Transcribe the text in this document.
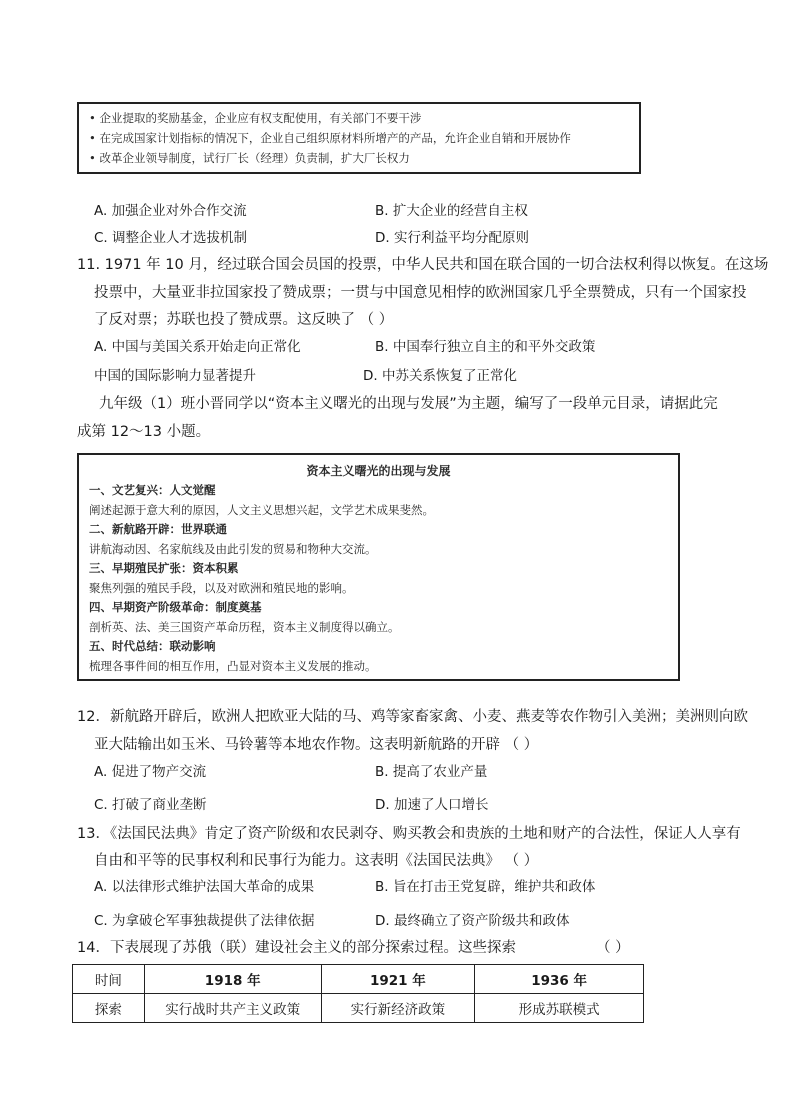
• 企业提取的奖励基金，企业应有权支配使用，有关部门不要干涉
• 在完成国家计划指标的情况下，企业自己组织原材料所增产的产品，允许企业自销和开展协作
• 改革企业领导制度，试行厂长（经理）负责制，扩大厂长权力
A. 加强企业对外合作交流	B. 扩大企业的经营自主权
C. 调整企业人才选拔机制	D. 实行利益平均分配原则
11. 1971 年 10 月，经过联合国会员国的投票，中华人民共和国在联合国的一切合法权利得以恢复。在这场
投票中，大量亚非拉国家投了赞成票；一贯与中国意见相悖的欧洲国家几乎全票赞成，只有一个国家投
了反对票；苏联也投了赞成票。这反映了 （ ）
A. 中国与美国关系开始走向正常化	B. 中国奉行独立自主的和平外交政策
中国的国际影响力显著提升	D. 中苏关系恢复了正常化
九年级（1）班小晋同学以“资本主义曙光的出现与发展”为主题，编写了一段单元目录，请据此完
成第 12～13 小题。
资本主义曙光的出现与发展
一、文艺复兴：人文觉醒
阐述起源于意大利的原因，人文主义思想兴起，文学艺术成果斐然。
二、新航路开辟：世界联通
讲航海动因、名家航线及由此引发的贸易和物种大交流。
三、早期殖民扩张：资本积累
聚焦列强的殖民手段，以及对欧洲和殖民地的影响。
四、早期资产阶级革命：制度奠基
剖析英、法、美三国资产革命历程，资本主义制度得以确立。
五、时代总结：联动影响
梳理各事件间的相互作用，凸显对资本主义发展的推动。
12．新航路开辟后，欧洲人把欧亚大陆的马、鸡等家畜家禽、小麦、燕麦等农作物引入美洲；美洲则向欧
亚大陆输出如玉米、马铃薯等本地农作物。这表明新航路的开辟 （ ）
A. 促进了物产交流	B. 提高了农业产量
C. 打破了商业垄断	D. 加速了人口增长
13．《法国民法典》肯定了资产阶级和农民剥夺、购买教会和贵族的土地和财产的合法性，保证人人享有
自由和平等的民事权利和民事行为能力。这表明《法国民法典》 （ ）
A. 以法律形式维护法国大革命的成果	B. 旨在打击王党复辟，维护共和政体
C. 为拿破仑军事独裁提供了法律依据	D. 最终确立了资产阶级共和政体
14．下表展现了苏俄（联）建设社会主义的部分探索过程。这些探索	（ ）
时间	1918 年	1921 年	1936 年
探索	实行战时共产主义政策	实行新经济政策	形成苏联模式
